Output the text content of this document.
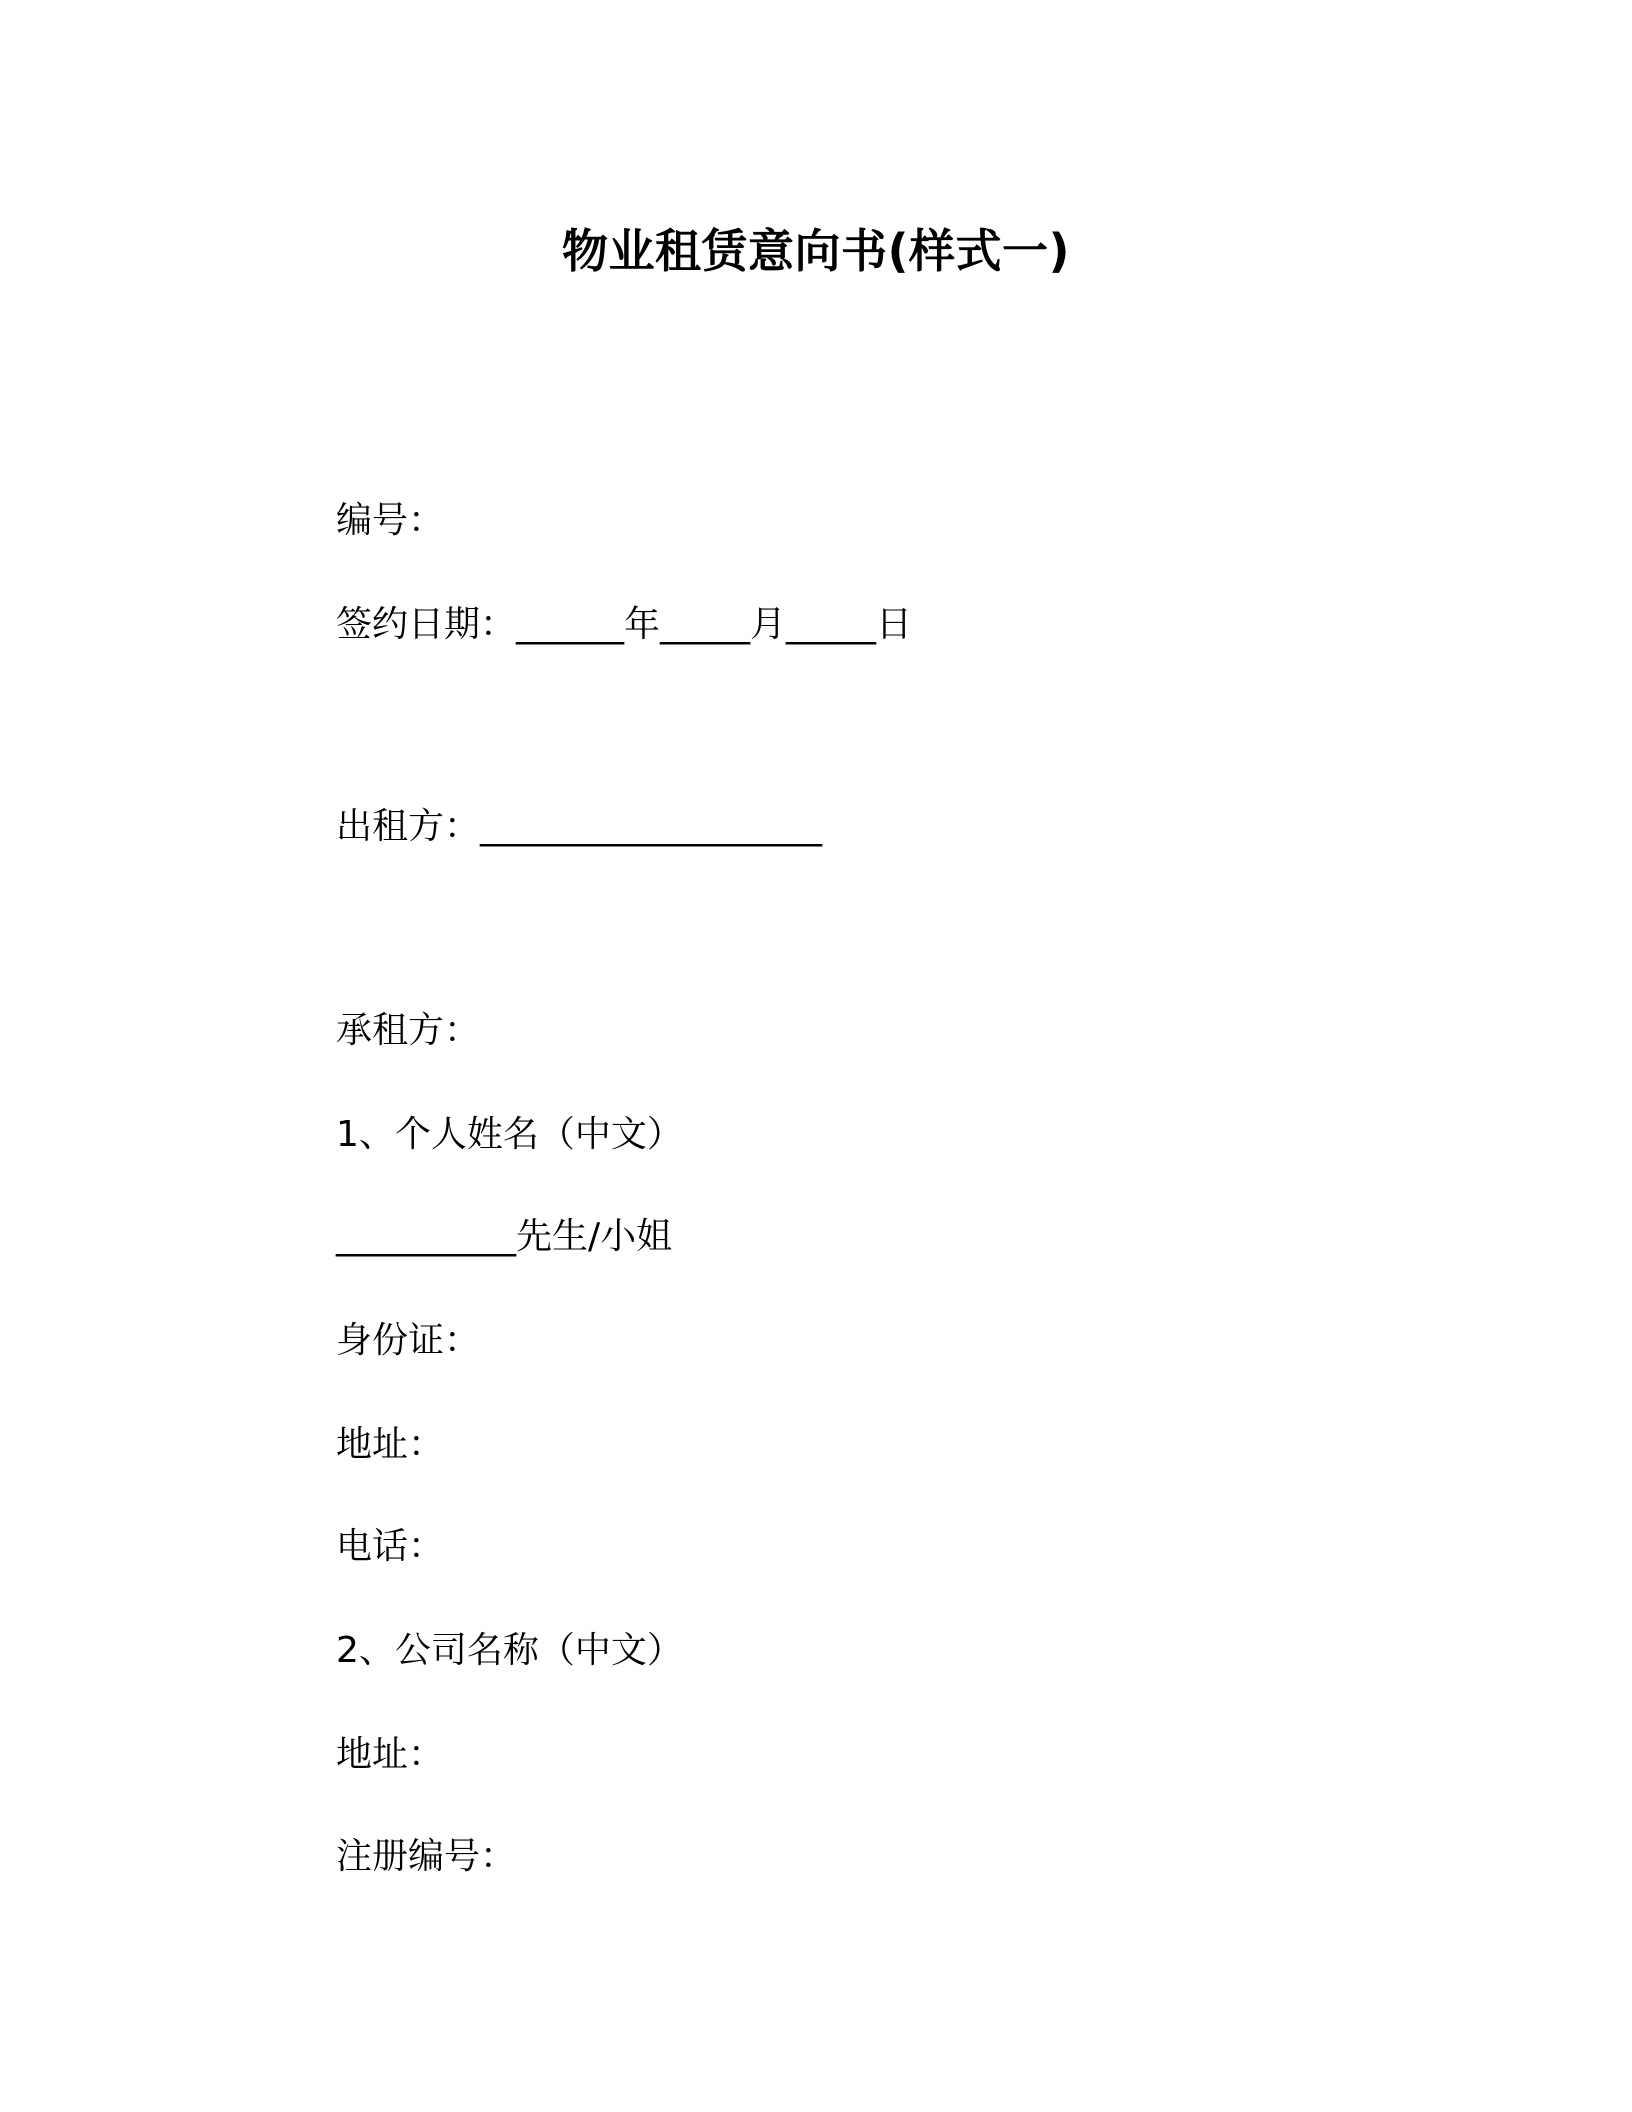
物业租赁意向书(样式一)
编号：
签约日期：______年_____月_____日
出租方：___________________
承租方：
1、个人姓名（中文）
__________先生/小姐
身份证：
地址：
电话：
2、公司名称（中文）
地址：
注册编号：
